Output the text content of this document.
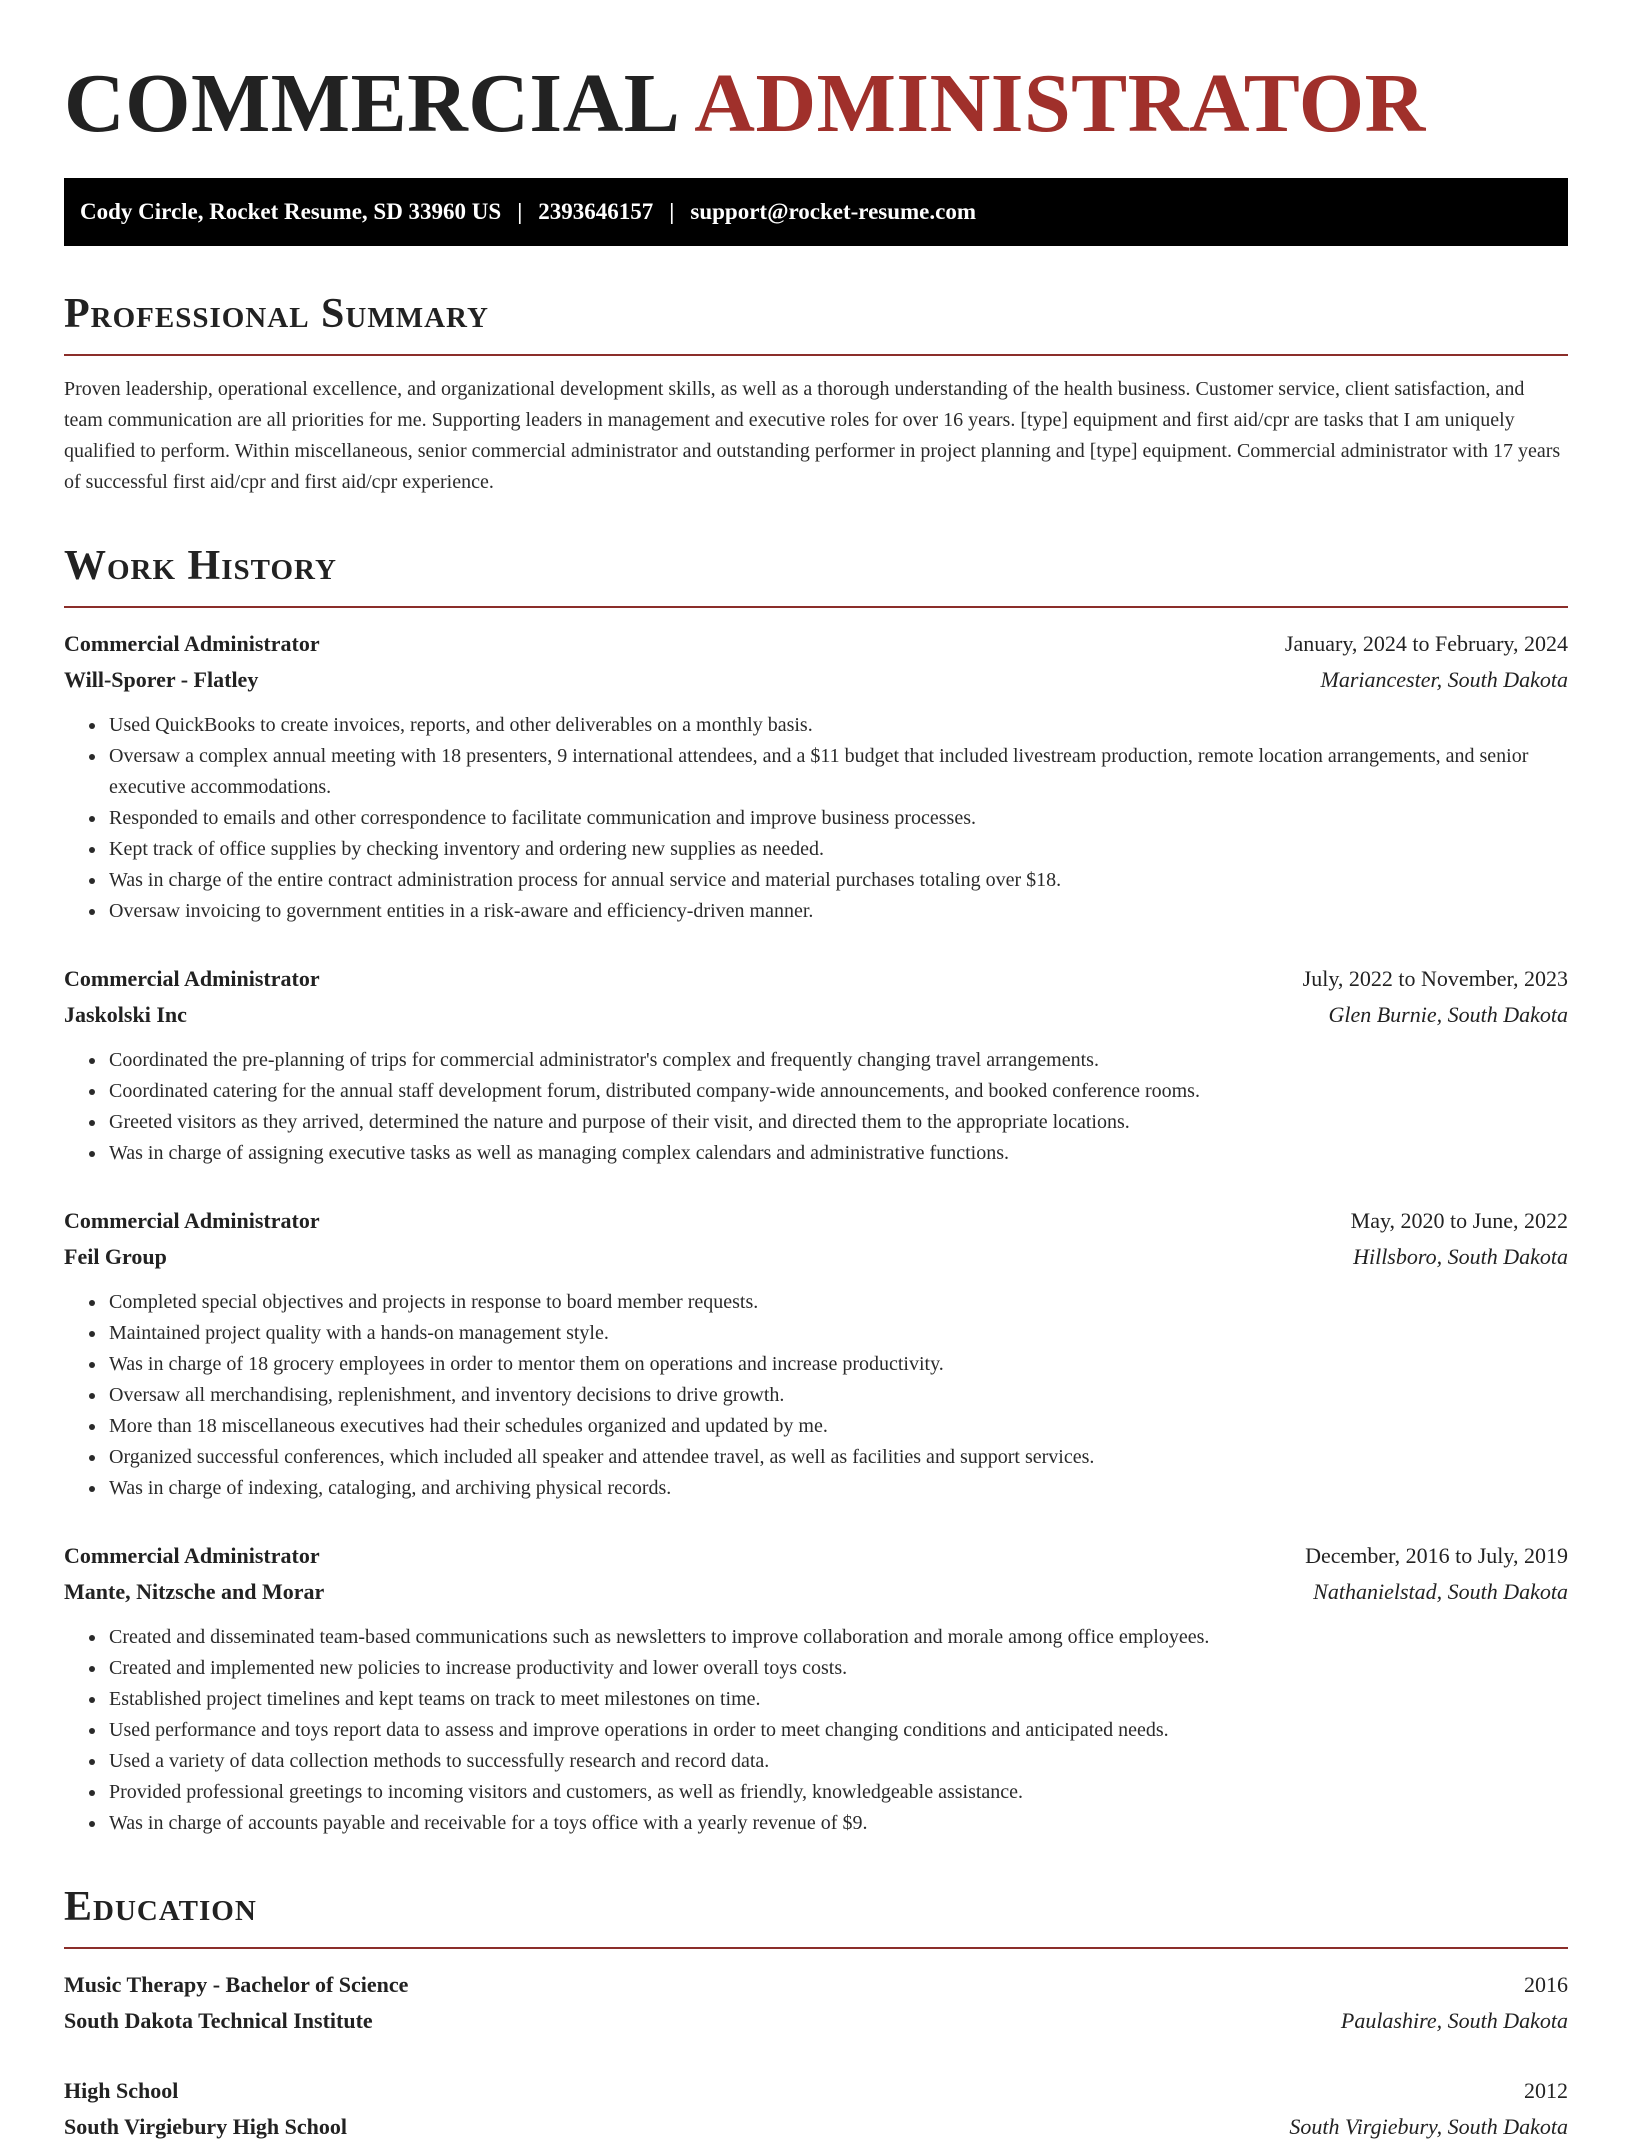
COMMERCIAL ADMINISTRATOR
Cody Circle, Rocket Resume, SD 33960 US | 2393646157 | support@rocket-resume.com
Professional Summary

Proven leadership, operational excellence, and organizational development skills, as well as a thorough understanding of the health business. Customer service, client satisfaction, and team communication are all priorities for me. Supporting leaders in management and executive roles for over 16 years. [type] equipment and first aid/cpr are tasks that I am uniquely qualified to perform. Within miscellaneous, senior commercial administrator and outstanding performer in project planning and [type] equipment. Commercial administrator with 17 years of successful first aid/cpr and first aid/cpr experience.

Work History
Commercial Administrator	January, 2024 to February, 2024
Will-Sporer - Flatley	Mariancester, South Dakota
• Used QuickBooks to create invoices, reports, and other deliverables on a monthly basis.
• Oversaw a complex annual meeting with 18 presenters, 9 international attendees, and a $11 budget that included livestream production, remote location arrangements, and senior executive accommodations.
• Responded to emails and other correspondence to facilitate communication and improve business processes.
• Kept track of office supplies by checking inventory and ordering new supplies as needed.
• Was in charge of the entire contract administration process for annual service and material purchases totaling over $18.
• Oversaw invoicing to government entities in a risk-aware and efficiency-driven manner.
Commercial Administrator	July, 2022 to November, 2023
Jaskolski Inc	Glen Burnie, South Dakota
• Coordinated the pre-planning of trips for commercial administrator's complex and frequently changing travel arrangements.
• Coordinated catering for the annual staff development forum, distributed company-wide announcements, and booked conference rooms.
• Greeted visitors as they arrived, determined the nature and purpose of their visit, and directed them to the appropriate locations.
• Was in charge of assigning executive tasks as well as managing complex calendars and administrative functions.
Commercial Administrator	May, 2020 to June, 2022
Feil Group	Hillsboro, South Dakota
• Completed special objectives and projects in response to board member requests.
• Maintained project quality with a hands-on management style.
• Was in charge of 18 grocery employees in order to mentor them on operations and increase productivity.
• Oversaw all merchandising, replenishment, and inventory decisions to drive growth.
• More than 18 miscellaneous executives had their schedules organized and updated by me.
• Organized successful conferences, which included all speaker and attendee travel, as well as facilities and support services.
• Was in charge of indexing, cataloging, and archiving physical records.
Commercial Administrator	December, 2016 to July, 2019
Mante, Nitzsche and Morar	Nathanielstad, South Dakota
• Created and disseminated team-based communications such as newsletters to improve collaboration and morale among office employees.
• Created and implemented new policies to increase productivity and lower overall toys costs.
• Established project timelines and kept teams on track to meet milestones on time.
• Used performance and toys report data to assess and improve operations in order to meet changing conditions and anticipated needs.
• Used a variety of data collection methods to successfully research and record data.
• Provided professional greetings to incoming visitors and customers, as well as friendly, knowledgeable assistance.
• Was in charge of accounts payable and receivable for a toys office with a yearly revenue of $9.
Education
Music Therapy - Bachelor of Science	2016
South Dakota Technical Institute	Paulashire, South Dakota
High School	2012
South Virgiebury High School	South Virgiebury, South Dakota
